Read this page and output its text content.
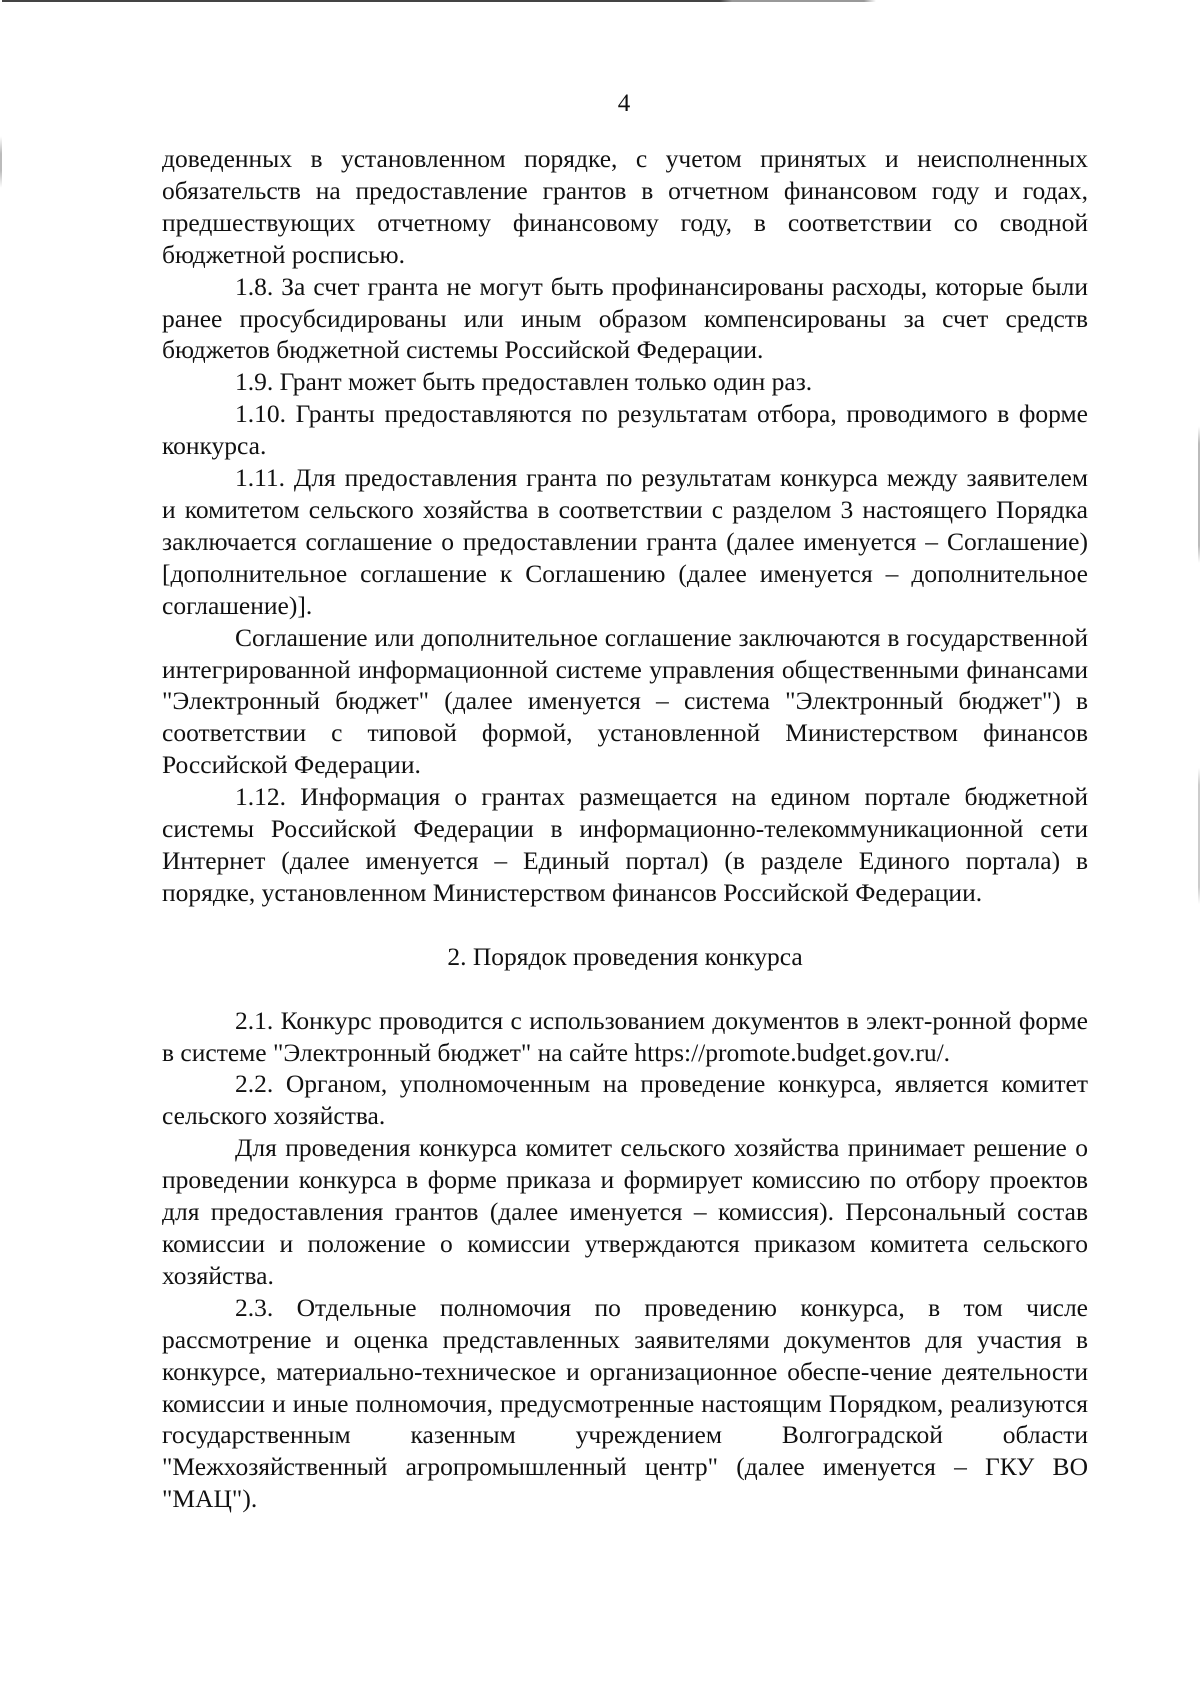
4

доведенных в установленном порядке, с учетом принятых и неисполненных обязательств на предоставление грантов в отчетном финансовом году и годах, предшествующих отчетному финансовому году, в соответствии со сводной бюджетной росписью.

1.8. За счет гранта не могут быть профинансированы расходы, которые были ранее просубсидированы или иным образом компенсированы за счет средств бюджетов бюджетной системы Российской Федерации.

1.9. Грант может быть предоставлен только один раз.

1.10. Гранты предоставляются по результатам отбора, проводимого в форме конкурса.

1.11. Для предоставления гранта по результатам конкурса между заявителем и комитетом сельского хозяйства в соответствии с разделом 3 настоящего Порядка заключается соглашение о предоставлении гранта (далее именуется – Соглашение) [дополнительное соглашение к Соглашению (далее именуется – дополнительное соглашение)].

Соглашение или дополнительное соглашение заключаются в государственной интегрированной информационной системе управления общественными финансами "Электронный бюджет" (далее именуется – система "Электронный бюджет") в соответствии с типовой формой, установленной Министерством финансов Российской Федерации.

1.12. Информация о грантах размещается на едином портале бюджетной системы Российской Федерации в информационно-телекоммуникационной сети Интернет (далее именуется – Единый портал) (в разделе Единого портала) в порядке, установленном Министерством финансов Российской Федерации.

2. Порядок проведения конкурса

2.1. Конкурс проводится с использованием документов в элект-ронной форме в системе "Электронный бюджет" на сайте https://promote.budget.gov.ru/.

2.2. Органом, уполномоченным на проведение конкурса, является комитет сельского хозяйства.

Для проведения конкурса комитет сельского хозяйства принимает решение о проведении конкурса в форме приказа и формирует комиссию по отбору проектов для предоставления грантов (далее именуется – комиссия). Персональный состав комиссии и положение о комиссии утверждаются приказом комитета сельского хозяйства.

2.3. Отдельные полномочия по проведению конкурса, в том числе рассмотрение и оценка представленных заявителями документов для участия в конкурсе, материально-техническое и организационное обеспе-чение деятельности комиссии и иные полномочия, предусмотренные настоящим Порядком, реализуются государственным казенным учреждением Волгоградской области "Межхозяйственный агропромышленный центр" (далее именуется – ГКУ ВО "МАЦ").
